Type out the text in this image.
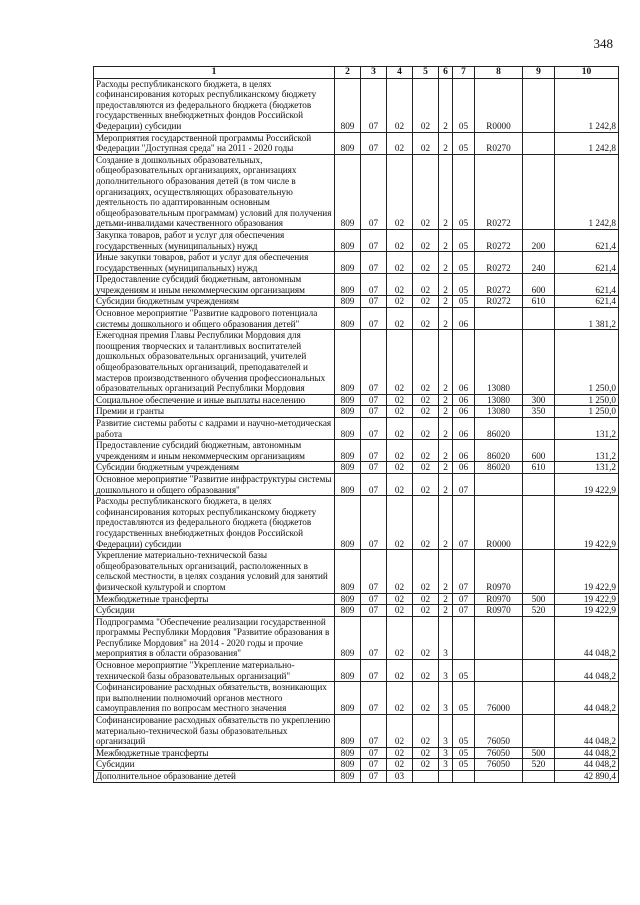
348
1	2	3	4	5	6	7	8	9	10
Расходы республиканского бюджета, в целях софинансирования которых республиканскому бюджету предоставляются из федерального бюджета (бюджетов государственных внебюджетных фондов Российской Федерации) субсидии	809	07	02	02	2	05	R0000		1 242,8
Мероприятия государственной программы Российской Федерации "Доступная среда" на 2011 - 2020 годы	809	07	02	02	2	05	R0270		1 242,8
Создание в дошкольных образовательных, общеобразовательных организациях, организациях дополнительного образования детей (в том числе в организациях, осуществляющих образовательную деятельность по адаптированным основным общеобразовательным программам) условий для получения детьми-инвалидами качественного образования	809	07	02	02	2	05	R0272		1 242,8
Закупка товаров, работ и услуг для обеспечения государственных (муниципальных) нужд	809	07	02	02	2	05	R0272	200	621,4
Иные закупки товаров, работ и услуг для обеспечения государственных (муниципальных) нужд	809	07	02	02	2	05	R0272	240	621,4
Предоставление субсидий бюджетным, автономным учреждениям и иным некоммерческим организациям	809	07	02	02	2	05	R0272	600	621,4
Субсидии бюджетным учреждениям	809	07	02	02	2	05	R0272	610	621,4
Основное мероприятие "Развитие кадрового потенциала системы дошкольного и общего образования детей"	809	07	02	02	2	06			1 381,2
Ежегодная премия Главы Республики Мордовия для поощрения творческих и талантливых воспитателей дошкольных образовательных организаций, учителей общеобразовательных организаций, преподавателей и мастеров производственного обучения профессиональных образовательных организаций Республики Мордовия	809	07	02	02	2	06	13080		1 250,0
Социальное обеспечение и иные выплаты населению	809	07	02	02	2	06	13080	300	1 250,0
Премии и гранты	809	07	02	02	2	06	13080	350	1 250,0
Развитие системы работы с кадрами и научно-методическая работа	809	07	02	02	2	06	86020		131,2
Предоставление субсидий бюджетным, автономным учреждениям и иным некоммерческим организациям	809	07	02	02	2	06	86020	600	131,2
Субсидии бюджетным учреждениям	809	07	02	02	2	06	86020	610	131,2
Основное мероприятие "Развитие инфраструктуры системы дошкольного и общего образования"	809	07	02	02	2	07			19 422,9
Расходы республиканского бюджета, в целях софинансирования которых республиканскому бюджету предоставляются из федерального бюджета (бюджетов государственных внебюджетных фондов Российской Федерации) субсидии	809	07	02	02	2	07	R0000		19 422,9
Укрепление материально-технической базы общеобразовательных организаций, расположенных в сельской местности, в целях создания условий для занятий физической культурой и спортом	809	07	02	02	2	07	R0970		19 422,9
Межбюджетные трансферты	809	07	02	02	2	07	R0970	500	19 422,9
Субсидии	809	07	02	02	2	07	R0970	520	19 422,9
Подпрограмма "Обеспечение реализации государственной программы Республики Мордовия "Развитие образования в Республике Мордовия" на 2014 - 2020 годы и прочие мероприятия в области образования"	809	07	02	02	3				44 048,2
Основное мероприятие "Укрепление материально-технической базы образовательных организаций"	809	07	02	02	3	05			44 048,2
Софинансирование расходных обязательств, возникающих при выполнении полномочий органов местного самоуправления по вопросам местного значения	809	07	02	02	3	05	76000		44 048,2
Софинансирование расходных обязательств по укреплению материально-технической базы образовательных организаций	809	07	02	02	3	05	76050		44 048,2
Межбюджетные трансферты	809	07	02	02	3	05	76050	500	44 048,2
Субсидии	809	07	02	02	3	05	76050	520	44 048,2
Дополнительное образование детей	809	07	03						42 890,4
